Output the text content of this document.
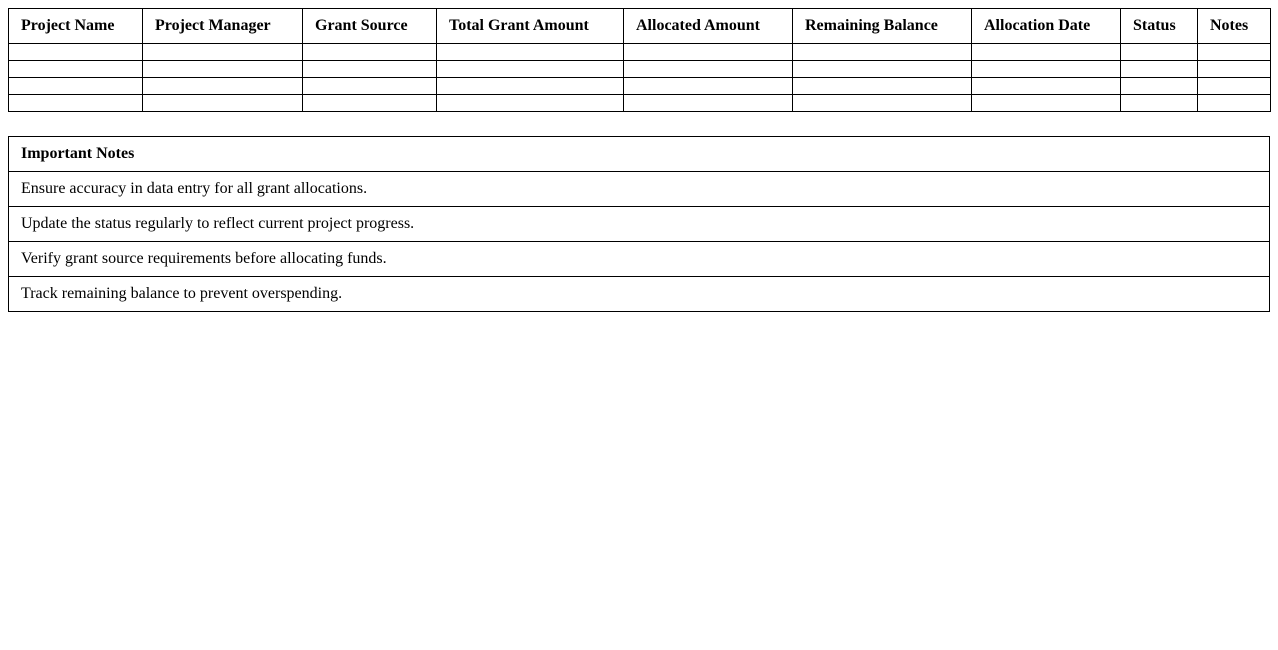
Project Name	Project Manager	Grant Source	Total Grant Amount	Allocated Amount	Remaining Balance	Allocation Date	Status	Notes

Important Notes
Ensure accuracy in data entry for all grant allocations.
Update the status regularly to reflect current project progress.
Verify grant source requirements before allocating funds.
Track remaining balance to prevent overspending.
